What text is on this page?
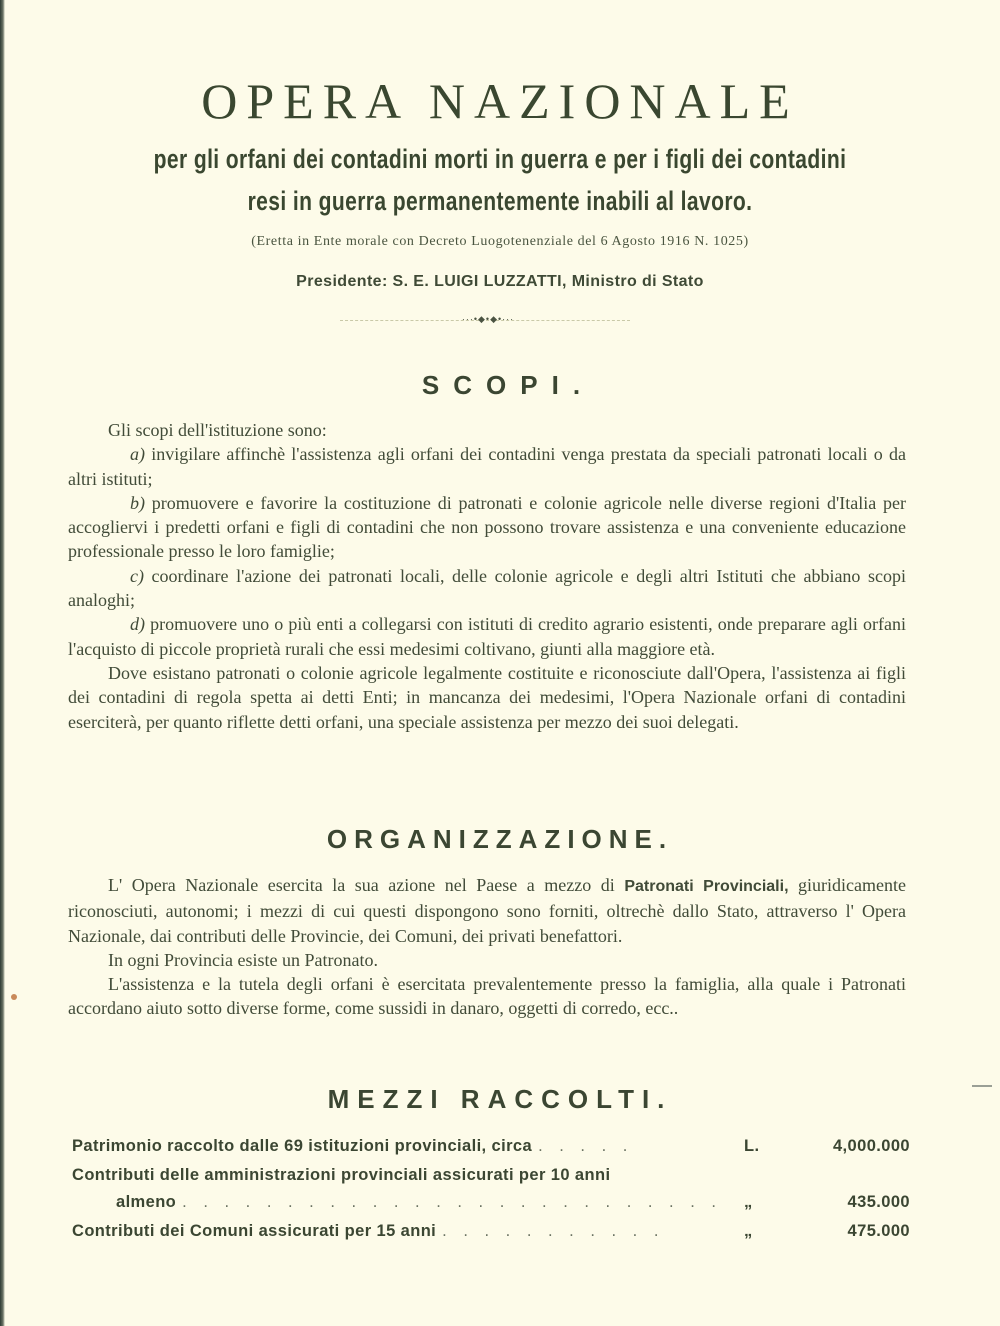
OPERA NAZIONALE
per gli orfani dei contadini morti in guerra e per i figli dei contadini
resi in guerra permanentemente inabili al lavoro.
(Eretta in Ente morale con Decreto Luogotenenziale del 6 Agosto 1916 N. 1025)
Presidente: S. E. LUIGI LUZZATTI, Ministro di Stato
···•◆•◆•···
SCOPI.

Gli scopi dell'istituzione sono:

a) invigilare affinchè l'assistenza agli orfani dei contadini venga prestata da speciali patronati locali o da altri istituti;

b) promuovere e favorire la costituzione di patronati e colonie agricole nelle diverse regioni d'Italia per accogliervi i predetti orfani e figli di contadini che non possono trovare assistenza e una conveniente educazione professionale presso le loro famiglie;

c) coordinare l'azione dei patronati locali, delle colonie agricole e degli altri Istituti che abbiano scopi analoghi;

d) promuovere uno o più enti a collegarsi con istituti di credito agrario esistenti, onde preparare agli orfani l'acquisto di piccole proprietà rurali che essi medesimi coltivano, giunti alla maggiore età.

Dove esistano patronati o colonie agricole legalmente costituite e riconosciute dall'Opera, l'assistenza ai figli dei contadini di regola spetta ai detti Enti; in mancanza dei medesimi, l'Opera Nazionale orfani di contadini eserciterà, per quanto riflette detti orfani, una speciale assistenza per mezzo dei suoi delegati.

ORGANIZZAZIONE.

L' Opera Nazionale esercita la sua azione nel Paese a mezzo di Patronati Provinciali, giuridicamente riconosciuti, autonomi; i mezzi di cui questi dispongono sono forniti, oltrechè dallo Stato, attraverso l' Opera Nazionale, dai contributi delle Provincie, dei Comuni, dei privati benefattori.

In ogni Provincia esiste un Patronato.

L'assistenza e la tutela degli orfani è esercitata prevalentemente presso la famiglia, alla quale i Patronati accordano aiuto sotto diverse forme, come sussidi in danaro, oggetti di corredo, ecc..

MEZZI RACCOLTI.
Patrimonio raccolto dalle 69 istituzioni provinciali, circa . . . . .	L.	4,000.000
Contributi delle amministrazioni provinciali assicurati per 10 anni
almeno . . . . . . . . . . . . . . . . . . . . . . . . . .	„	435.000
Contributi dei Comuni assicurati per 15 anni . . . . . . . . . . .	„	475.000
